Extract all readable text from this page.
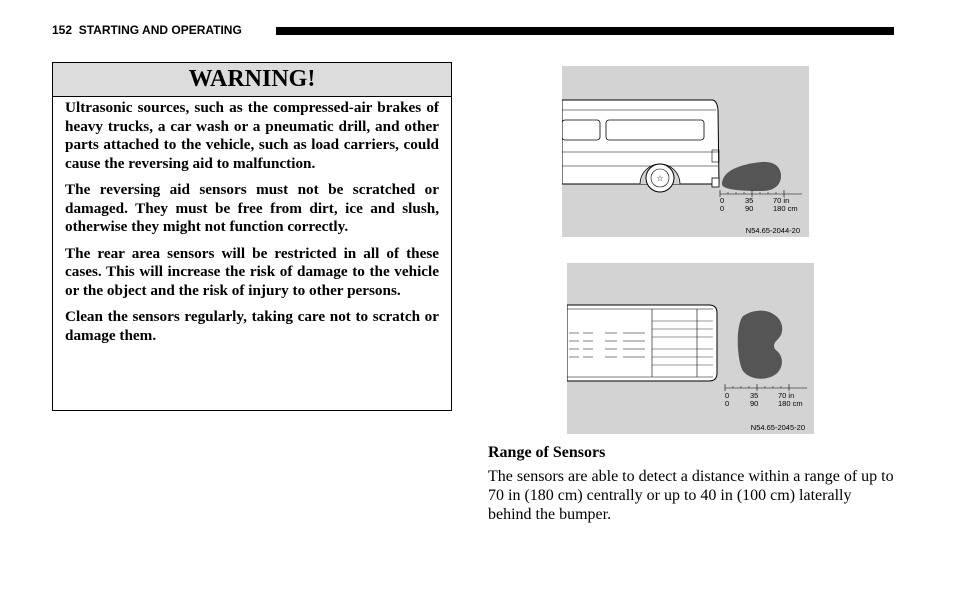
152 STARTING AND OPERATING
WARNING!

Ultrasonic sources, such as the compressed-air brakes of heavy trucks, a car wash or a pneumatic drill, and other parts attached to the vehicle, such as load carriers, could cause the reversing aid to malfunction.

The reversing aid sensors must not be scratched or damaged. They must be free from dirt, ice and slush, otherwise they might not function correctly.

The rear area sensors will be restricted in all of these cases. This will increase the risk of damage to the vehicle or the object and the risk of injury to other persons.

Clean the sensors regularly, taking care not to scratch or damage them.

☆
0	35	70 in
0	90	180 cm
N54.65-2044-20
0	35	70 in
0	90	180 cm
N54.65-2045-20
Range of Sensors

The sensors are able to detect a distance within a range of up to 70 in (180 cm) centrally or up to 40 in (100 cm) laterally behind the bumper.
